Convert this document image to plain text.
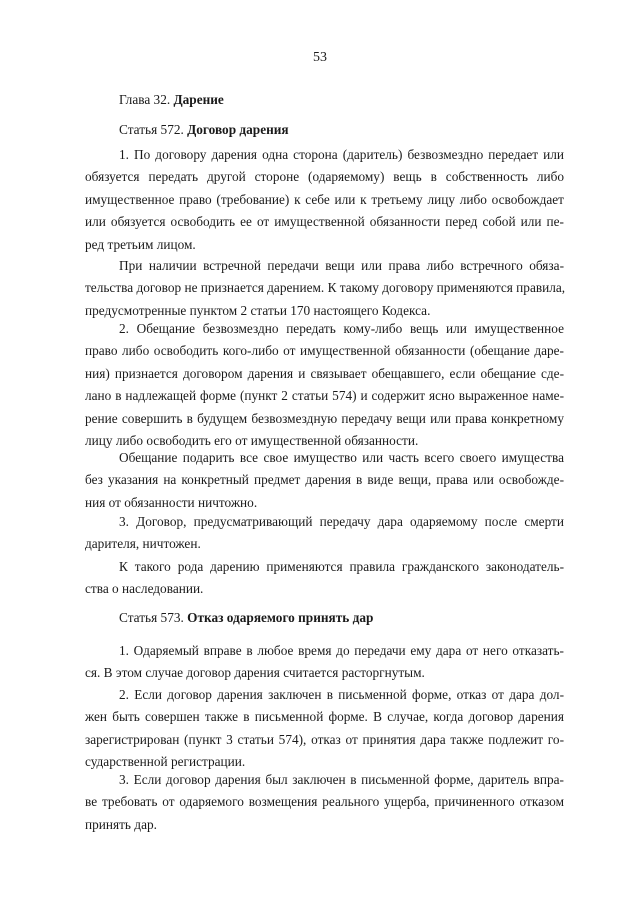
53
Глава 32. Дарение
Статья 572. Договор дарения
1. По договору дарения одна сторона (даритель) безвозмездно передает или
обязуется передать другой стороне (одаряемому) вещь в собственность либо
имущественное право (требование) к себе или к третьему лицу либо освобождает
или обязуется освободить ее от имущественной обязанности перед собой или пе-
ред третьим лицом.
При наличии встречной передачи вещи или права либо встречного обяза-
тельства договор не признается дарением. К такому договору применяются правила,
предусмотренные пунктом 2 статьи 170 настоящего Кодекса.
2. Обещание безвозмездно передать кому-либо вещь или имущественное
право либо освободить кого-либо от имущественной обязанности (обещание даре-
ния) признается договором дарения и связывает обещавшего, если обещание сде-
лано в надлежащей форме (пункт 2 статьи 574) и содержит ясно выраженное наме-
рение совершить в будущем безвозмездную передачу вещи или права конкретному
лицу либо освободить его от имущественной обязанности.
Обещание подарить все свое имущество или часть всего своего имущества
без указания на конкретный предмет дарения в виде вещи, права или освобожде-
ния от обязанности ничтожно.
3. Договор, предусматривающий передачу дара одаряемому после смерти
дарителя, ничтожен.
К такого рода дарению применяются правила гражданского законодатель-
ства о наследовании.
Статья 573. Отказ одаряемого принять дар
1. Одаряемый вправе в любое время до передачи ему дара от него отказать-
ся. В этом случае договор дарения считается расторгнутым.
2. Если договор дарения заключен в письменной форме, отказ от дара дол-
жен быть совершен также в письменной форме. В случае, когда договор дарения
зарегистрирован (пункт 3 статьи 574), отказ от принятия дара также подлежит го-
сударственной регистрации.
3. Если договор дарения был заключен в письменной форме, даритель впра-
ве требовать от одаряемого возмещения реального ущерба, причиненного отказом
принять дар.
